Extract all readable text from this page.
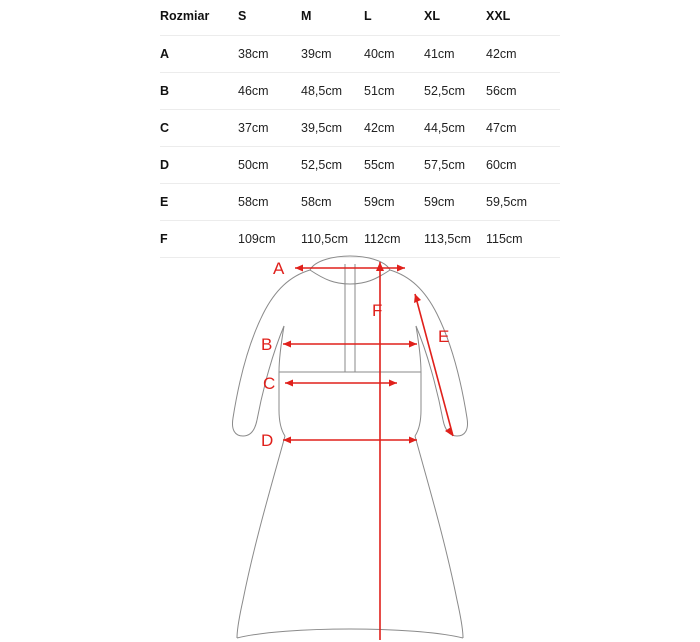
Rozmiar	S	M	L	XL	XXL
A	38cm	39cm	40cm	41cm	42cm
B	46cm	48,5cm	51cm	52,5cm	56cm
C	37cm	39,5cm	42cm	44,5cm	47cm
D	50cm	52,5cm	55cm	57,5cm	60cm
E	58cm	58cm	59cm	59cm	59,5cm
F	109cm	110,5cm	112cm	113,5cm	115cm
A
B
C
D
E
F
